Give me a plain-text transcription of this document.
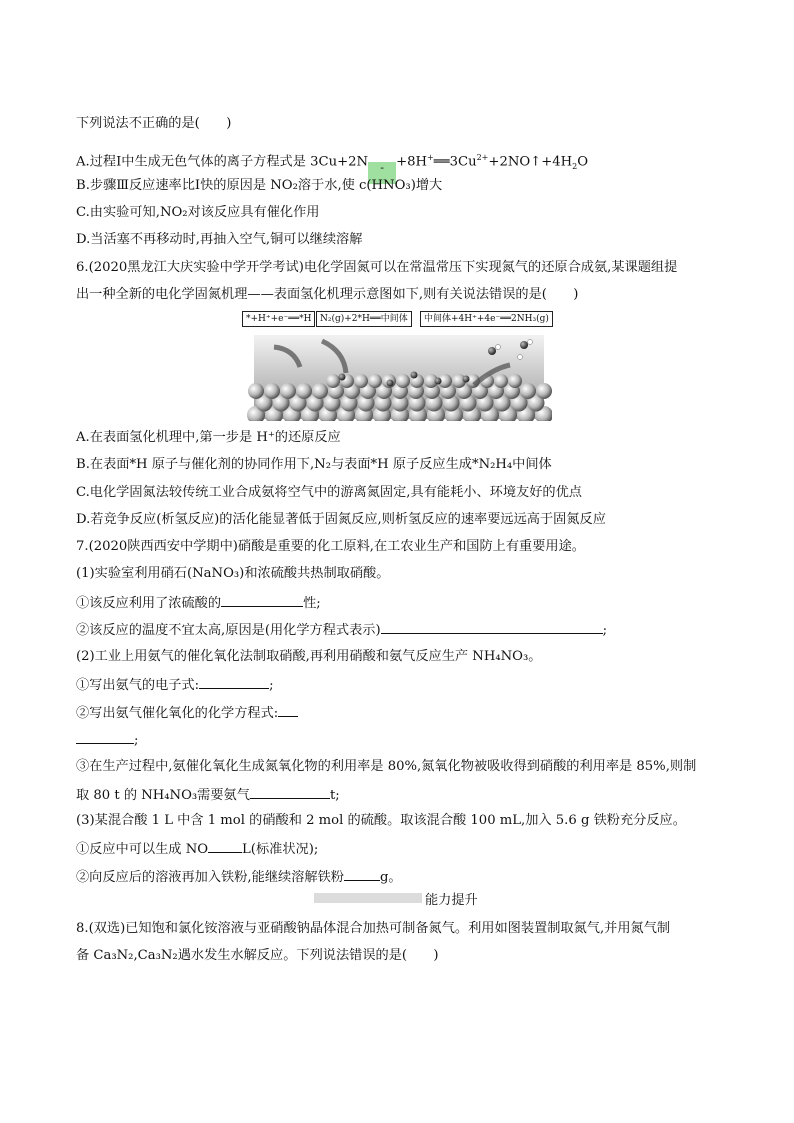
下列说法不正确的是(　　)
A.过程Ⅰ中生成无色气体的离子方程式是 $3Cu+2N - +8H^+══3Cu^{2+}+2NO↑+4H_2O$
B.步骤Ⅲ反应速率比Ⅰ快的原因是 NO₂溶于水,使 c(HNO₃)增大
C.由实验可知,NO₂对该反应具有催化作用
D.当活塞不再移动时,再抽入空气,铜可以继续溶解
6.(2020黑龙江大庆实验中学开学考试)电化学固氮可以在常温常压下实现氮气的还原合成氨,某课题组提
出一种全新的电化学固氮机理——表面氢化机理示意图如下,则有关说法错误的是(　　)
*+H⁺+e⁻══*H N₂(g)+2*H══中间体	中间体+4H⁺+4e⁻══2NH₃(g)
A.在表面氢化机理中,第一步是 H⁺的还原反应
B.在表面*H 原子与催化剂的协同作用下,N₂与表面*H 原子反应生成*N₂H₄中间体
C.电化学固氮法较传统工业合成氨将空气中的游离氮固定,具有能耗小、环境友好的优点
D.若竞争反应(析氢反应)的活化能显著低于固氮反应,则析氢反应的速率要远远高于固氮反应
7.(2020陕西西安中学期中)硝酸是重要的化工原料,在工农业生产和国防上有重要用途。
(1)实验室利用硝石(NaNO₃)和浓硫酸共热制取硝酸。
①该反应利用了浓硫酸的	性;
②该反应的温度不宜太高,原因是(用化学方程式表示)	;
(2)工业上用氨气的催化氧化法制取硝酸,再利用硝酸和氨气反应生产 NH₄NO₃。
①写出氨气的电子式:	;
②写出氨气催化氧化的化学方程式:
;
③在生产过程中,氨催化氧化生成氮氧化物的利用率是 80%,氮氧化物被吸收得到硝酸的利用率是 85%,则制
取 80 t 的 NH₄NO₃需要氨气	t;
(3)某混合酸 1 L 中含 1 mol 的硝酸和 2 mol 的硫酸。取该混合酸 100 mL,加入 5.6 g 铁粉充分反应。
①反应中可以生成 NO	L(标准状况);
②向反应后的溶液再加入铁粉,能继续溶解铁粉	g。
能力提升
8.(双选)已知饱和氯化铵溶液与亚硝酸钠晶体混合加热可制备氮气。利用如图装置制取氮气,并用氮气制
备 Ca₃N₂,Ca₃N₂遇水发生水解反应。下列说法错误的是(　　)
